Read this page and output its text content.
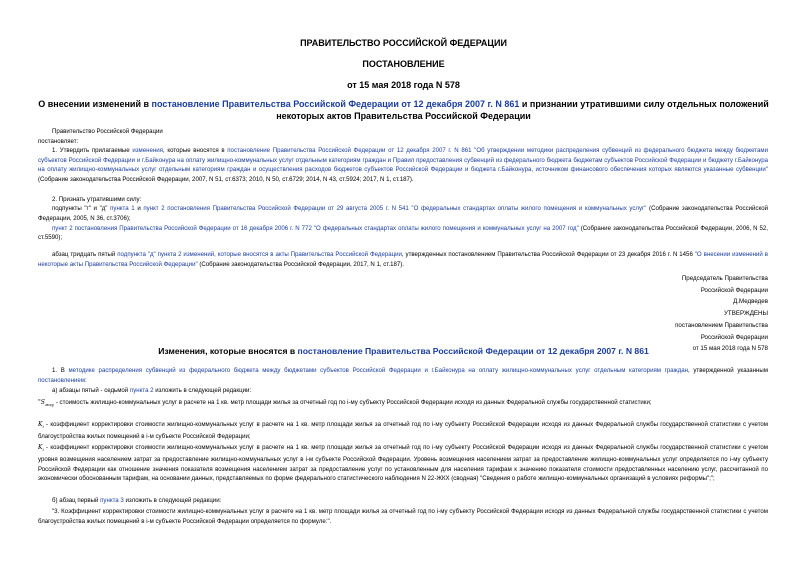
ПРАВИТЕЛЬСТВО РОССИЙСКОЙ ФЕДЕРАЦИИ
ПОСТАНОВЛЕНИЕ
от 15 мая 2018 года N 578
О внесении изменений в постановление Правительства Российской Федерации от 12 декабря 2007 г. N 861 и признании утратившими силу отдельных положений некоторых актов Правительства Российской Федерации
Правительство Российской Федерации
постановляет:
1. Утвердить прилагаемые изменения, которые вносятся в постановление Правительства Российской Федерации от 12 декабря 2007 г. N 861 "Об утверждении методики распределения субвенций из федерального бюджета между бюджетами субъектов Российской Федерации и г.Байконура на оплату жилищно-коммунальных услуг отдельным категориям граждан и Правил предоставления субвенций из федерального бюджета бюджетам субъектов Российской Федерации и бюджету г.Байконура на оплату жилищно-коммунальных услуг отдельным категориям граждан и осуществления расходов бюджетов субъектов Российской Федерации и бюджета г.Байконура, источником финансового обеспечения которых являются указанные субвенции" (Собрание законодательства Российской Федерации, 2007, N 51, ст.6373; 2010, N 50, ст.6729; 2014, N 43, ст.5924; 2017, N 1, ст.187).
2. Признать утратившими силу:
подпункты "г" и "д" пункта 1 и пункт 2 постановления Правительства Российской Федерации от 29 августа 2005 г. N 541 "О федеральных стандартах оплаты жилого помещения и коммунальных услуг" (Собрание законодательства Российской Федерации, 2005, N 36, ст.3706);
пункт 2 постановления Правительства Российской Федерации от 16 декабря 2006 г. N 772 "О федеральных стандартах оплаты жилого помещения и коммунальных услуг на 2007 год" (Собрание законодательства Российской Федерации, 2006, N 52, ст.5590);
абзац тридцать пятый подпункта "д" пункта 2 изменений, которые вносятся в акты Правительства Российской Федерации, утвержденных постановлением Правительства Российской Федерации от 23 декабря 2016 г. N 1456 "О внесении изменений в некоторые акты Правительства Российской Федерации" (Собрание законодательства Российской Федерации, 2017, N 1, ст.187).
Председатель Правительства
Российской Федерации
Д.Медведев
УТВЕРЖДЕНЫ
постановлением Правительства
Российской Федерации
от 15 мая 2018 года N 578
Изменения, которые вносятся в постановление Правительства Российской Федерации от 12 декабря 2007 г. N 861
1. В методике распределения субвенций из федерального бюджета между бюджетами субъектов Российской Федерации и г.Байконура на оплату жилищно-коммунальных услуг отдельным категориям граждан, утвержденной указанным постановлением:
а) абзацы пятый - седьмой пункта 2 изложить в следующей редакции:
"$S_{жку}$ - стоимость жилищно-коммунальных услуг в расчете на 1 кв. метр площади жилья за отчетный год по i-му субъекту Российской Федерации исходя из данных Федеральной службы государственной статистики;
$K_i$ - коэффициент корректировки стоимости жилищно-коммунальных услуг в расчете на 1 кв. метр площади жилья за отчетный год по i-му субъекту Российской Федерации исходя из данных Федеральной службы государственной статистики с учетом благоустройства жилых помещений в i-м субъекте Российской Федерации;
$K_i$ - коэффициент корректировки стоимости жилищно-коммунальных услуг в расчете на 1 кв. метр площади жилья за отчетный год по i-му субъекту Российской Федерации исходя из данных Федеральной службы государственной статистики с учетом уровня возмещения населением затрат за предоставление жилищно-коммунальных услуг в i-м субъекте Российской Федерации. Уровень возмещения населением затрат за предоставление жилищно-коммунальных услуг определяется по i-му субъекту Российской Федерации как отношение значения показателя возмещения населением затрат за предоставление услуг по установленным для населения тарифам к значению показателя стоимости предоставленных населению услуг, рассчитанной по экономически обоснованным тарифам, на основании данных, представляемых по форме федерального статистического наблюдения N 22-ЖКХ (сводная) "Сведения о работе жилищно-коммунальных организаций в условиях реформы";";
б) абзац первый пункта 3 изложить в следующей редакции:
"3. Коэффициент корректировки стоимости жилищно-коммунальных услуг в расчете на 1 кв. метр площади жилья за отчетный год по i-му субъекту Российской Федерации исходя из данных Федеральной службы государственной статистики с учетом благоустройства жилых помещений в i-м субъекте Российской Федерации определяется по формуле:".
